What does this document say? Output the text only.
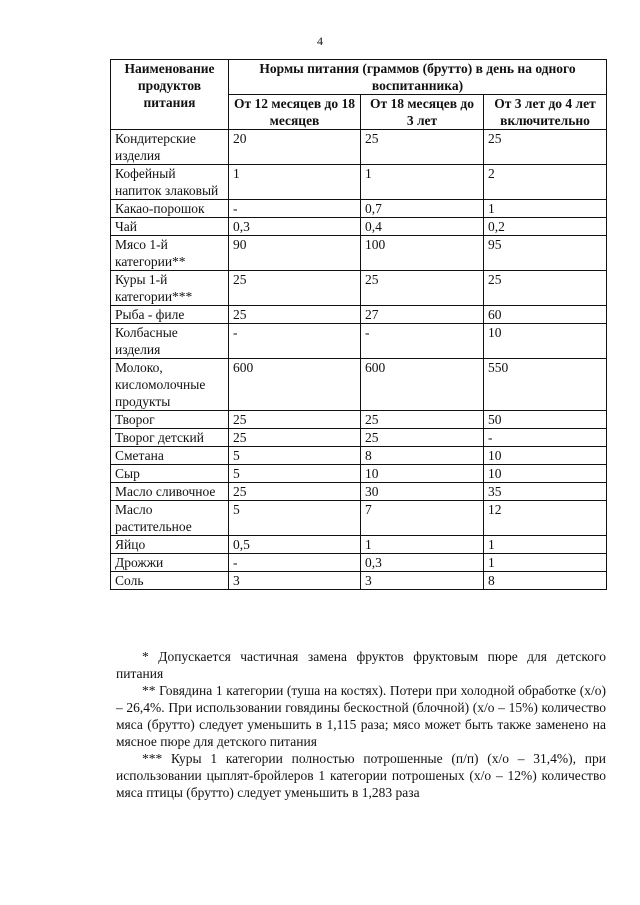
4
Наименование продуктов питания	Нормы питания (граммов (брутто) в день на одного воспитанника)		
	От 12 месяцев до 18 месяцев	От 18 месяцев до 3 лет	От 3 лет до 4 лет включительно
Кондитерские изделия	20	25	25
Кофейный напиток злаковый	1	1	2
Какао-порошок	-	0,7	1
Чай	0,3	0,4	0,2
Мясо 1-й категории**	90	100	95
Куры 1-й категории***	25	25	25
Рыба - филе	25	27	60
Колбасные изделия	-	-	10
Молоко, кисломолочные продукты	600	600	550
Творог	25	25	50
Творог детский	25	25	-
Сметана	5	8	10
Сыр	5	10	10
Масло сливочное	25	30	35
Масло растительное	5	7	12
Яйцо	0,5	1	1
Дрожжи	-	0,3	1
Соль	3	3	8

* Допускается частичная замена фруктов фруктовым пюре для детского питания

** Говядина 1 категории (туша на костях). Потери при холодной обработке (х/о) – 26,4%. При использовании говядины бескостной (блочной) (х/о – 15%) количество мяса (брутто) следует уменьшить в 1,115 раза; мясо может быть также заменено на мясное пюре для детского питания

*** Куры 1 категории полностью потрошенные (п/п) (х/о – 31,4%), при использовании цыплят-бройлеров 1 категории потрошеных (х/о – 12%) количество мяса птицы (брутто) следует уменьшить в 1,283 раза
